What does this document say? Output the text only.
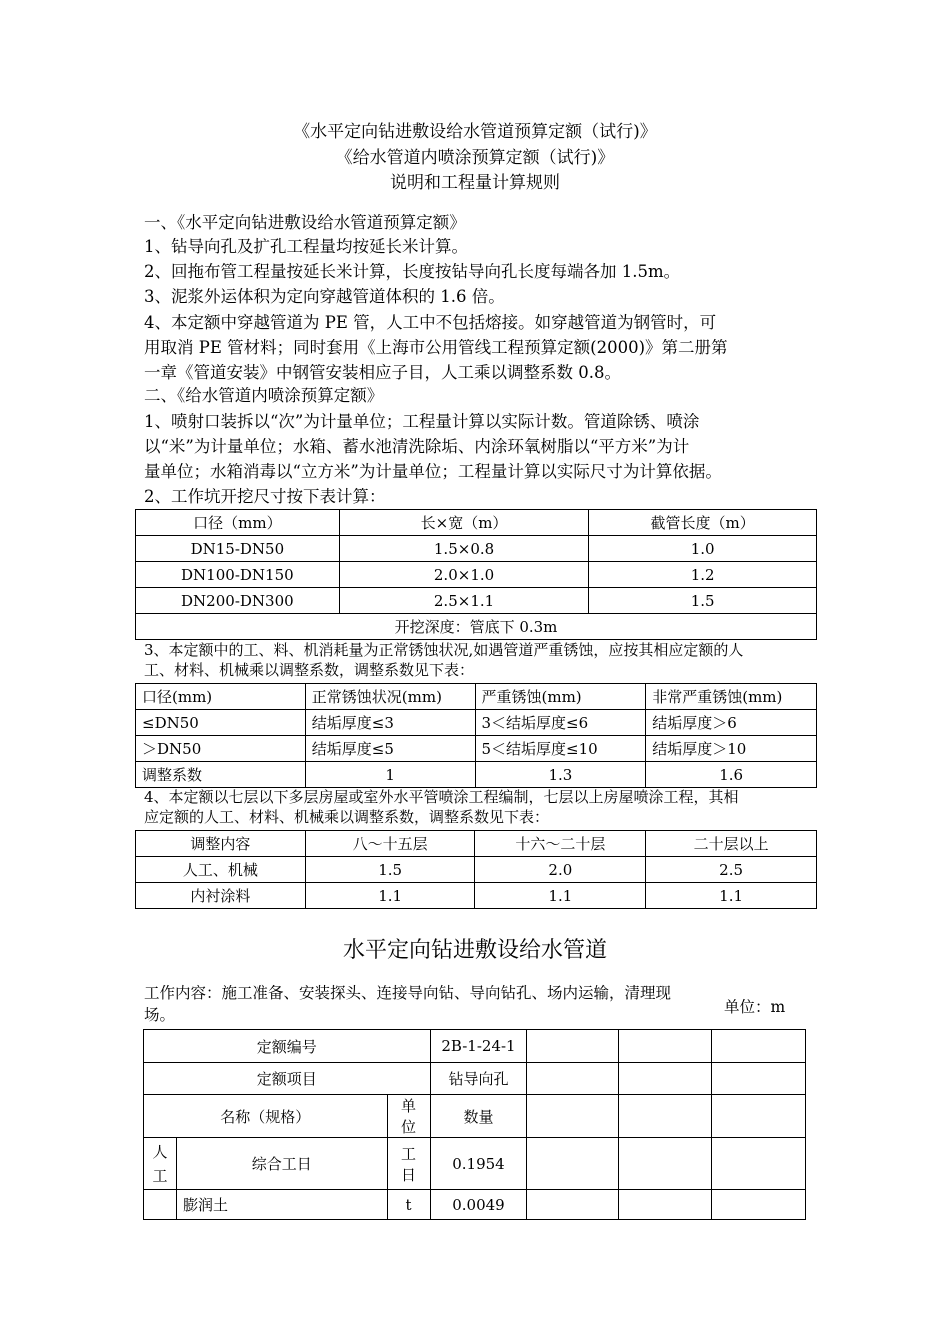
《水平定向钻进敷设给水管道预算定额（试行)》
《给水管道内喷涂预算定额（试行)》
说明和工程量计算规则
一、《水平定向钻进敷设给水管道预算定额》
1、钻导向孔及扩孔工程量均按延长米计算。
2、回拖布管工程量按延长米计算，长度按钻导向孔长度每端各加 1.5m。
3、泥浆外运体积为定向穿越管道体积的 1.6 倍。
4、本定额中穿越管道为 PE 管，人工中不包括熔接。如穿越管道为钢管时，可
用取消 PE 管材料；同时套用《上海市公用管线工程预算定额(2000)》第二册第
一章《管道安装》中钢管安装相应子目，人工乘以调整系数 0.8。
二、《给水管道内喷涂预算定额》
1、喷射口装拆以“次”为计量单位；工程量计算以实际计数。管道除锈、喷涂
以“米”为计量单位；水箱、蓄水池清洗除垢、内涂环氧树脂以“平方米”为计
量单位；水箱消毒以“立方米”为计量单位；工程量计算以实际尺寸为计算依据。
2、工作坑开挖尺寸按下表计算：
口径（mm）	长×宽（m）	截管长度（m）
DN15-DN50	1.5×0.8	1.0
DN100-DN150	2.0×1.0	1.2
DN200-DN300	2.5×1.1	1.5
开挖深度：管底下 0.3m		
3、本定额中的工、料、机消耗量为正常锈蚀状况,如遇管道严重锈蚀，应按其相应定额的人
工、材料、机械乘以调整系数，调整系数见下表：
口径(mm)	正常锈蚀状况(mm)	严重锈蚀(mm)	非常严重锈蚀(mm)
≤DN50	结垢厚度≤3	3＜结垢厚度≤6	结垢厚度＞6
＞DN50	结垢厚度≤5	5＜结垢厚度≤10	结垢厚度＞10
调整系数	1	1.3	1.6
4、本定额以七层以下多层房屋或室外水平管喷涂工程编制，七层以上房屋喷涂工程，其相
应定额的人工、材料、机械乘以调整系数，调整系数见下表：
调整内容	八～十五层	十六～二十层	二十层以上
人工、机械	1.5	2.0	2.5
内衬涂料	1.1	1.1	1.1
水平定向钻进敷设给水管道
工作内容：施工准备、安装探头、连接导向钻、导向钻孔、场内运输，清理现
场。	单位：m
定额编号			2B-1-24-1			
定额项目			钻导向孔			
名称（规格）		单位	数量			
人工	综合工日	工日	0.1954			
	膨润土	t	0.0049			
